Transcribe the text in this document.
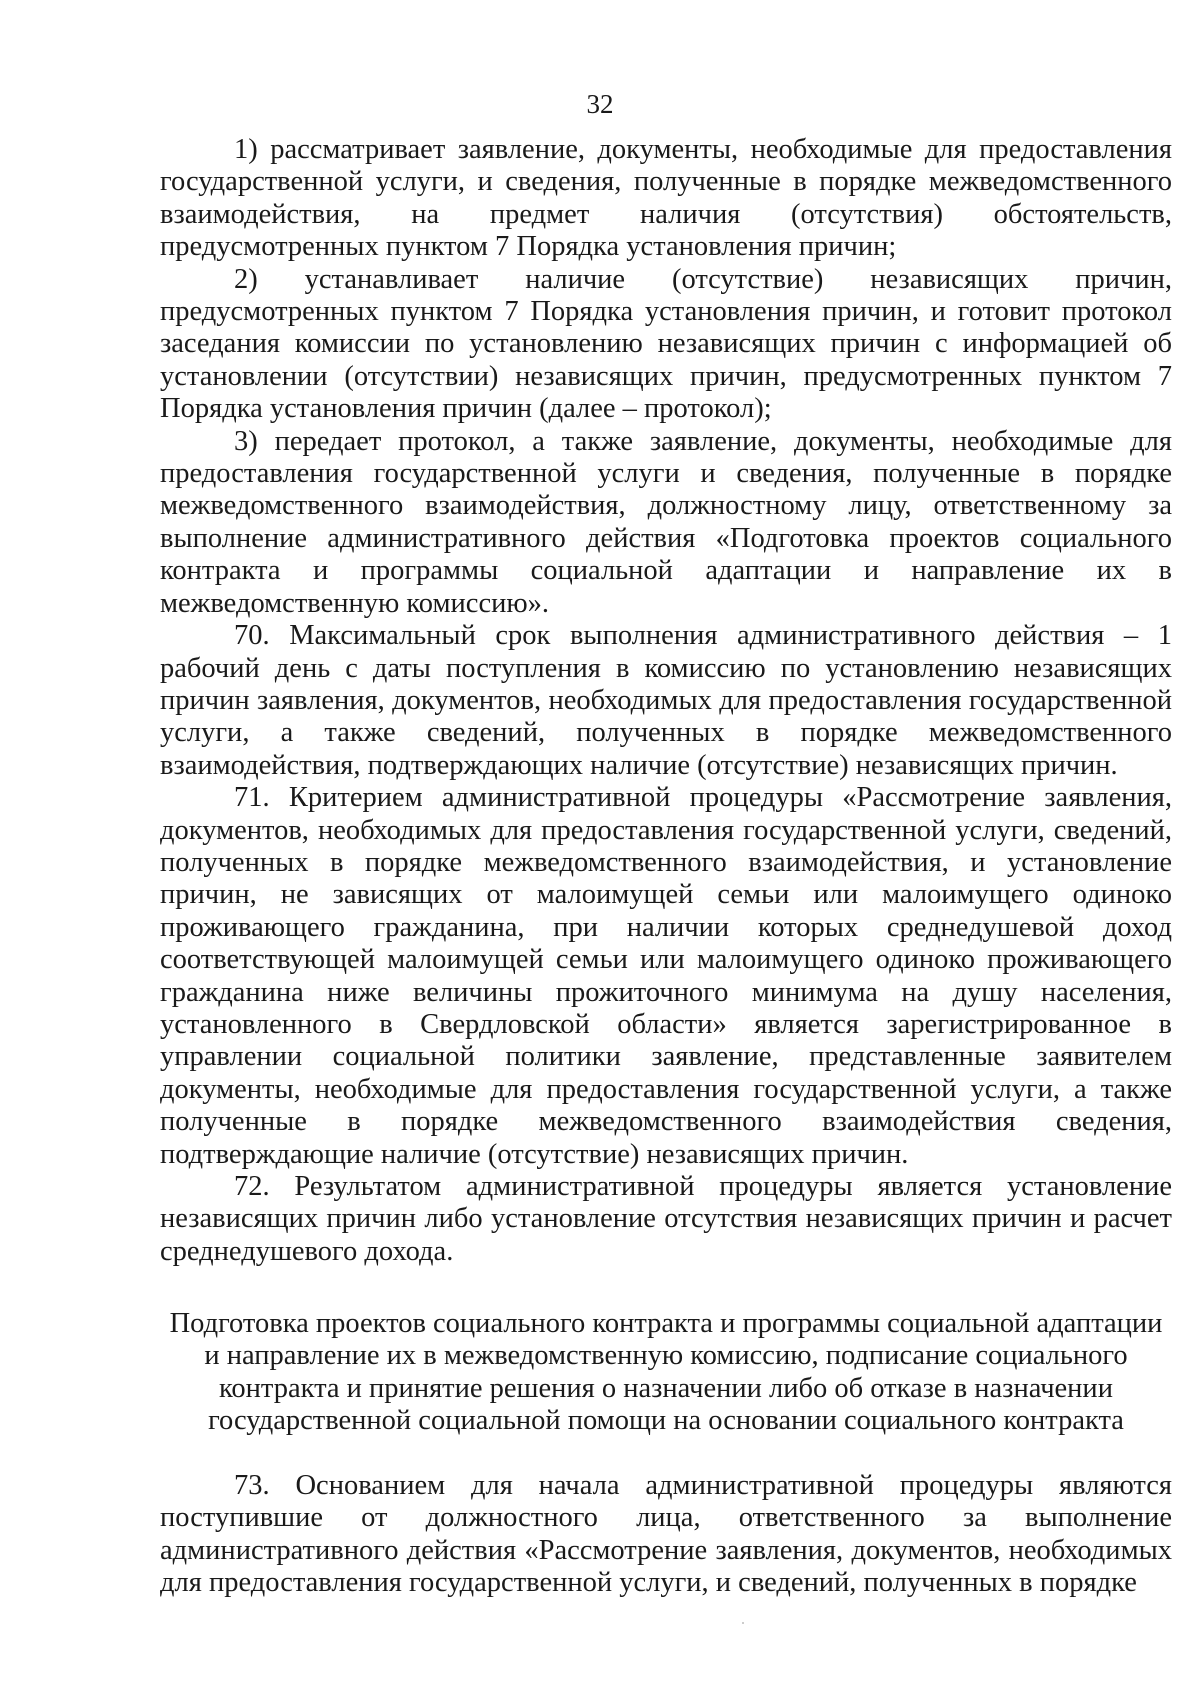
32

1) рассматривает заявление, документы, необходимые для предоставления государственной услуги, и сведения, полученные в порядке межведомственного взаимодействия, на предмет наличия (отсутствия) обстоятельств, предусмотренных пунктом 7 Порядка установления причин;

2) устанавливает наличие (отсутствие) независящих причин, предусмотренных пунктом 7 Порядка установления причин, и готовит протокол заседания комиссии по установлению независящих причин с информацией об установлении (отсутствии) независящих причин, предусмотренных пунктом 7 Порядка установления причин (далее – протокол);

3) передает протокол, а также заявление, документы, необходимые для предоставления государственной услуги и сведения, полученные в порядке межведомственного взаимодействия, должностному лицу, ответственному за выполнение административного действия «Подготовка проектов социального контракта и программы социальной адаптации и направление их в межведомственную комиссию».

70. Максимальный срок выполнения административного действия – 1 рабочий день с даты поступления в комиссию по установлению независящих причин заявления, документов, необходимых для предоставления государственной услуги, а также сведений, полученных в порядке межведомственного взаимодействия, подтверждающих наличие (отсутствие) независящих причин.

71. Критерием административной процедуры «Рассмотрение заявления, документов, необходимых для предоставления государственной услуги, сведений, полученных в порядке межведомственного взаимодействия, и установление причин, не зависящих от малоимущей семьи или малоимущего одиноко проживающего гражданина, при наличии которых среднедушевой доход соответствующей малоимущей семьи или малоимущего одиноко проживающего гражданина ниже величины прожиточного минимума на душу населения, установленного в Свердловской области» является зарегистрированное в управлении социальной политики заявление, представленные заявителем документы, необходимые для предоставления государственной услуги, а также полученные в порядке межведомственного взаимодействия сведения, подтверждающие наличие (отсутствие) независящих причин.

72. Результатом административной процедуры является установление независящих причин либо установление отсутствия независящих причин и расчет среднедушевого дохода.

Подготовка проектов социального контракта и программы социальной адаптации
и направление их в межведомственную комиссию, подписание социального
контракта и принятие решения о назначении либо об отказе в назначении
государственной социальной помощи на основании социального контракта

73. Основанием для начала административной процедуры являются поступившие от должностного лица, ответственного за выполнение административного действия «Рассмотрение заявления, документов, необходимых для предоставления государственной услуги, и сведений, полученных в порядке
